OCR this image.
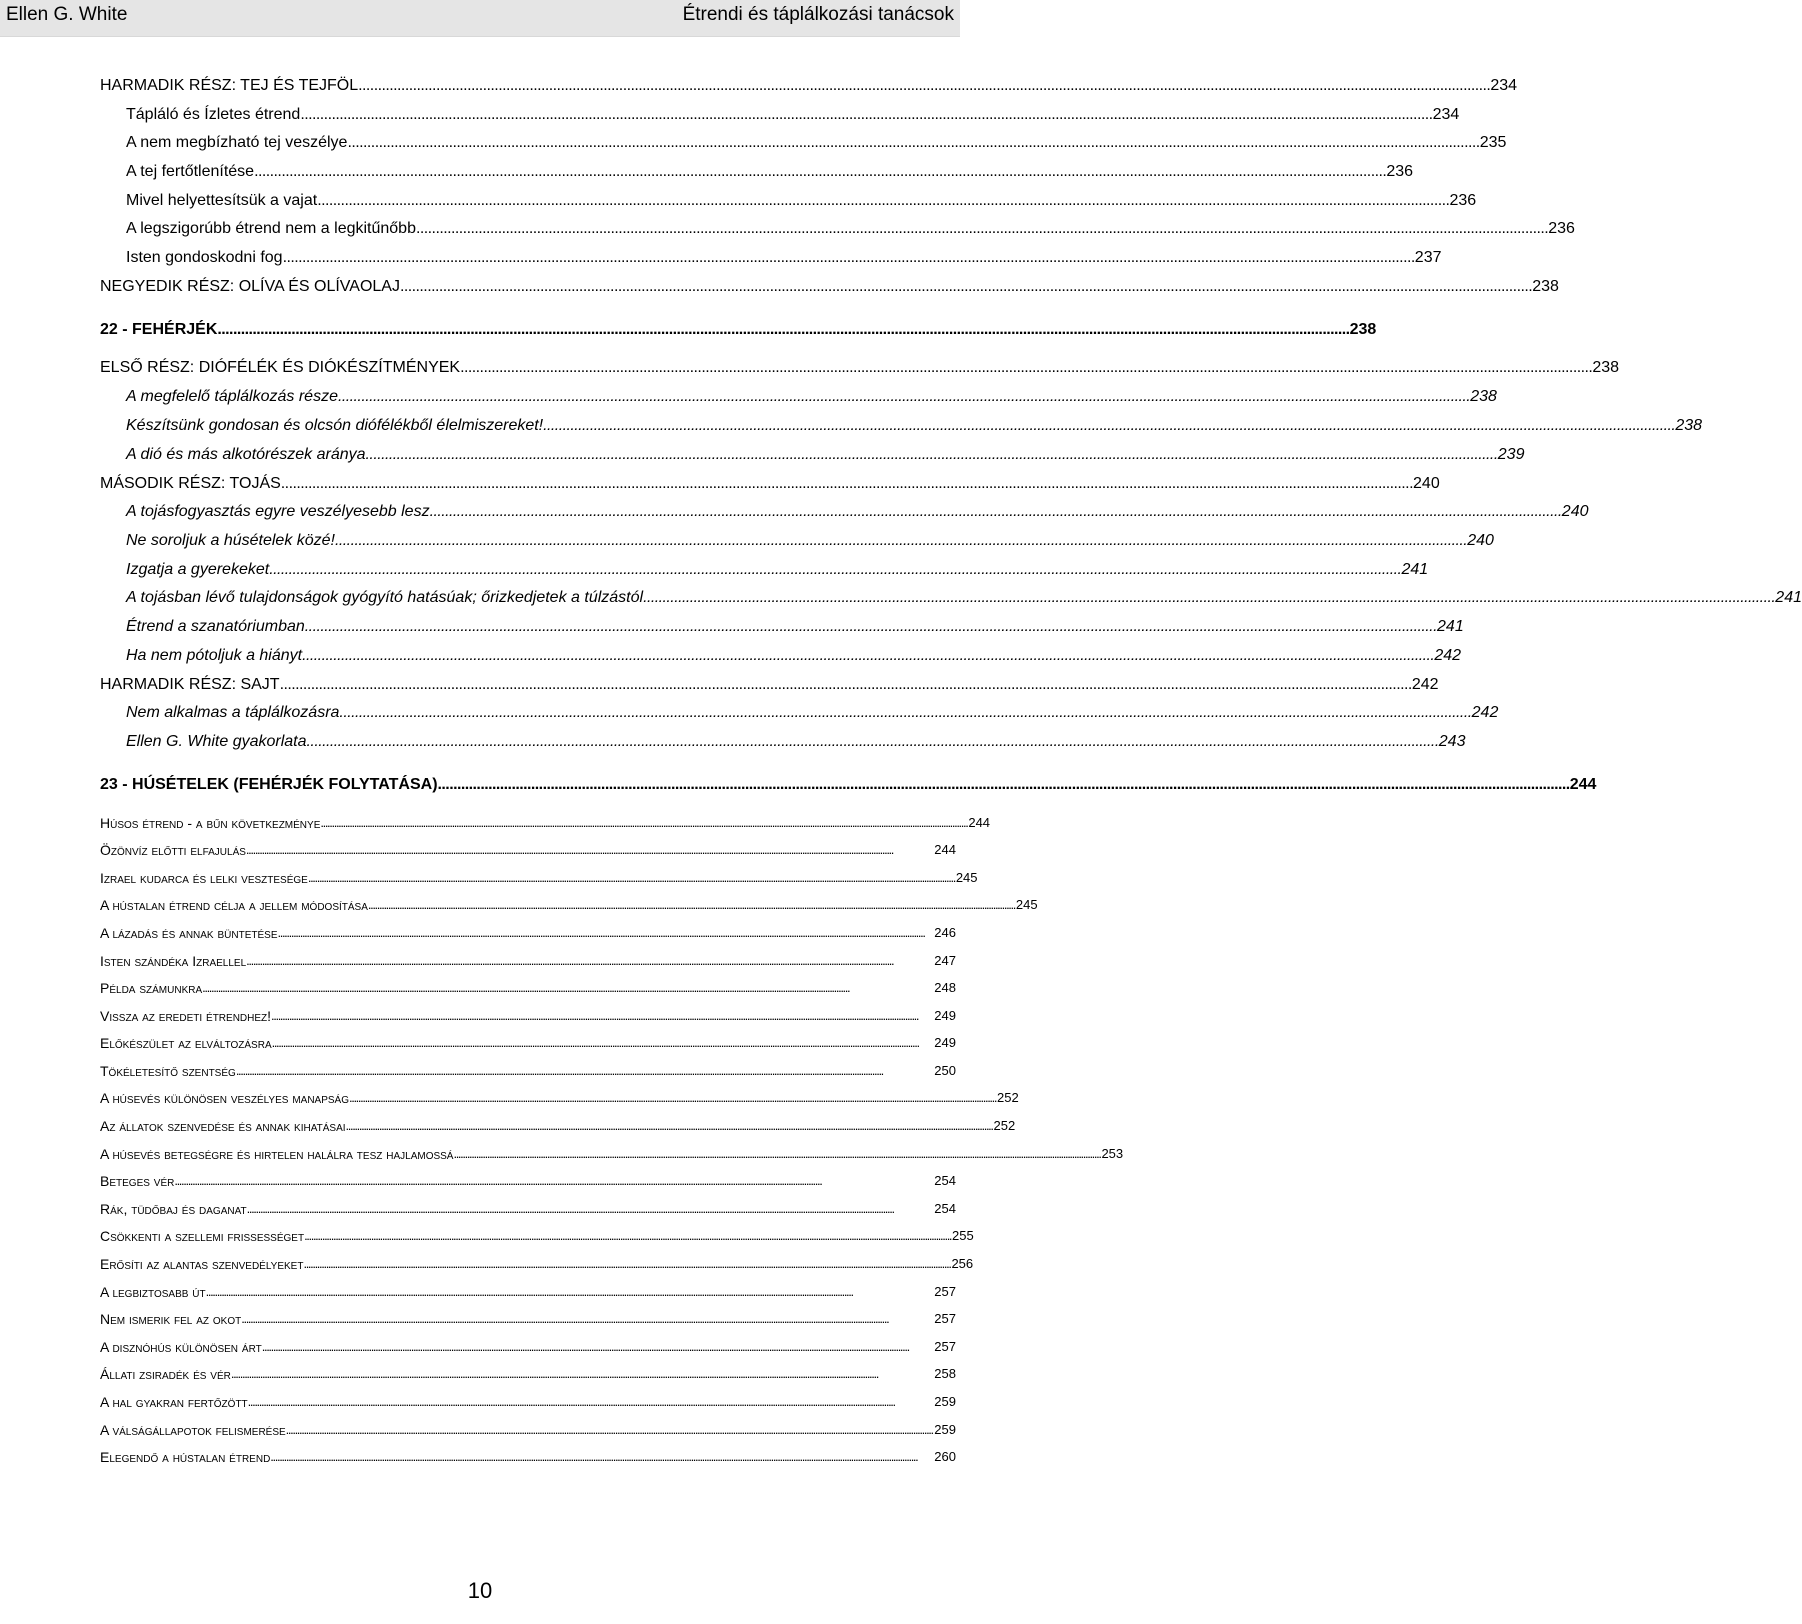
Ellen G. White	Étrendi és táplálkozási tanácsok
HARMADIK RÉSZ: TEJ ÉS TEJFÖL . . .	234
Tápláló és Ízletes étrend . . .	234
A nem megbízható tej veszélye . . .	235
A tej fertőtlenítése . . .	236
Mivel helyettesítsük a vajat . . .	236
A legszigorúbb étrend nem a legkitűnőbb . . .	236
Isten gondoskodni fog . . .	237
NEGYEDIK RÉSZ: OLÍVA ÉS OLÍVAOLAJ . . .	238
22 - FEHÉRJÉK . . .	238
ELSŐ RÉSZ: DIÓFÉLÉK ÉS DIÓKÉSZÍTMÉNYEK . . .	238
A megfelelő táplálkozás része . . .	238
Készítsünk gondosan és olcsón diófélékből élelmiszereket! . . .	238
A dió és más alkotórészek aránya . . .	239
MÁSODIK RÉSZ: TOJÁS . . .	240
A tojásfogyasztás egyre veszélyesebb lesz . . .	240
Ne soroljuk a húsételek közé! . . .	240
Izgatja a gyerekeket . . .	241
A tojásban lévő tulajdonságok gyógyító hatásúak; őrizkedjetek a túlzástól . . .	241
Étrend a szanatóriumban . . .	241
Ha nem pótoljuk a hiányt . . .	242
HARMADIK RÉSZ: SAJT . . .	242
Nem alkalmas a táplálkozásra . . .	242
Ellen G. White gyakorlata . . .	243
23 - HÚSÉTELEK (FEHÉRJÉK FOLYTATÁSA) . . .	244
Húsos étrend - a bűn következménye . . .	244
Özönvíz előtti elfajulás . . .	244
Izrael kudarca és lelki vesztesége . . .	245
A hústalan étrend célja a jellem módosítása . . .	245
A lázadás és annak büntetése . . .	246
Isten szándéka Izraellel . . .	247
Példa számunkra . . .	248
Vissza az eredeti étrendhez! . . .	249
Előkészület az elváltozásra . . .	249
Tökéletesítő szentség . . .	250
A húsevés különösen veszélyes manapság . . .	252
Az állatok szenvedése és annak kihatásai . . .	252
A húsevés betegségre és hirtelen halálra tesz hajlamossá . . .	253
Beteges vér . . .	254
Rák, tüdőbaj és daganat . . .	254
Csökkenti a szellemi frissességet . . .	255
Erősíti az alantas szenvedélyeket . . .	256
A legbiztosabb út . . .	257
Nem ismerik fel az okot . . .	257
A disznóhús különösen árt . . .	257
Állati zsiradék és vér . . .	258
A hal gyakran fertőzött . . .	259
A válságállapotok felismerése . . .	259
Elegendő a hústalan étrend . . .	260
10
